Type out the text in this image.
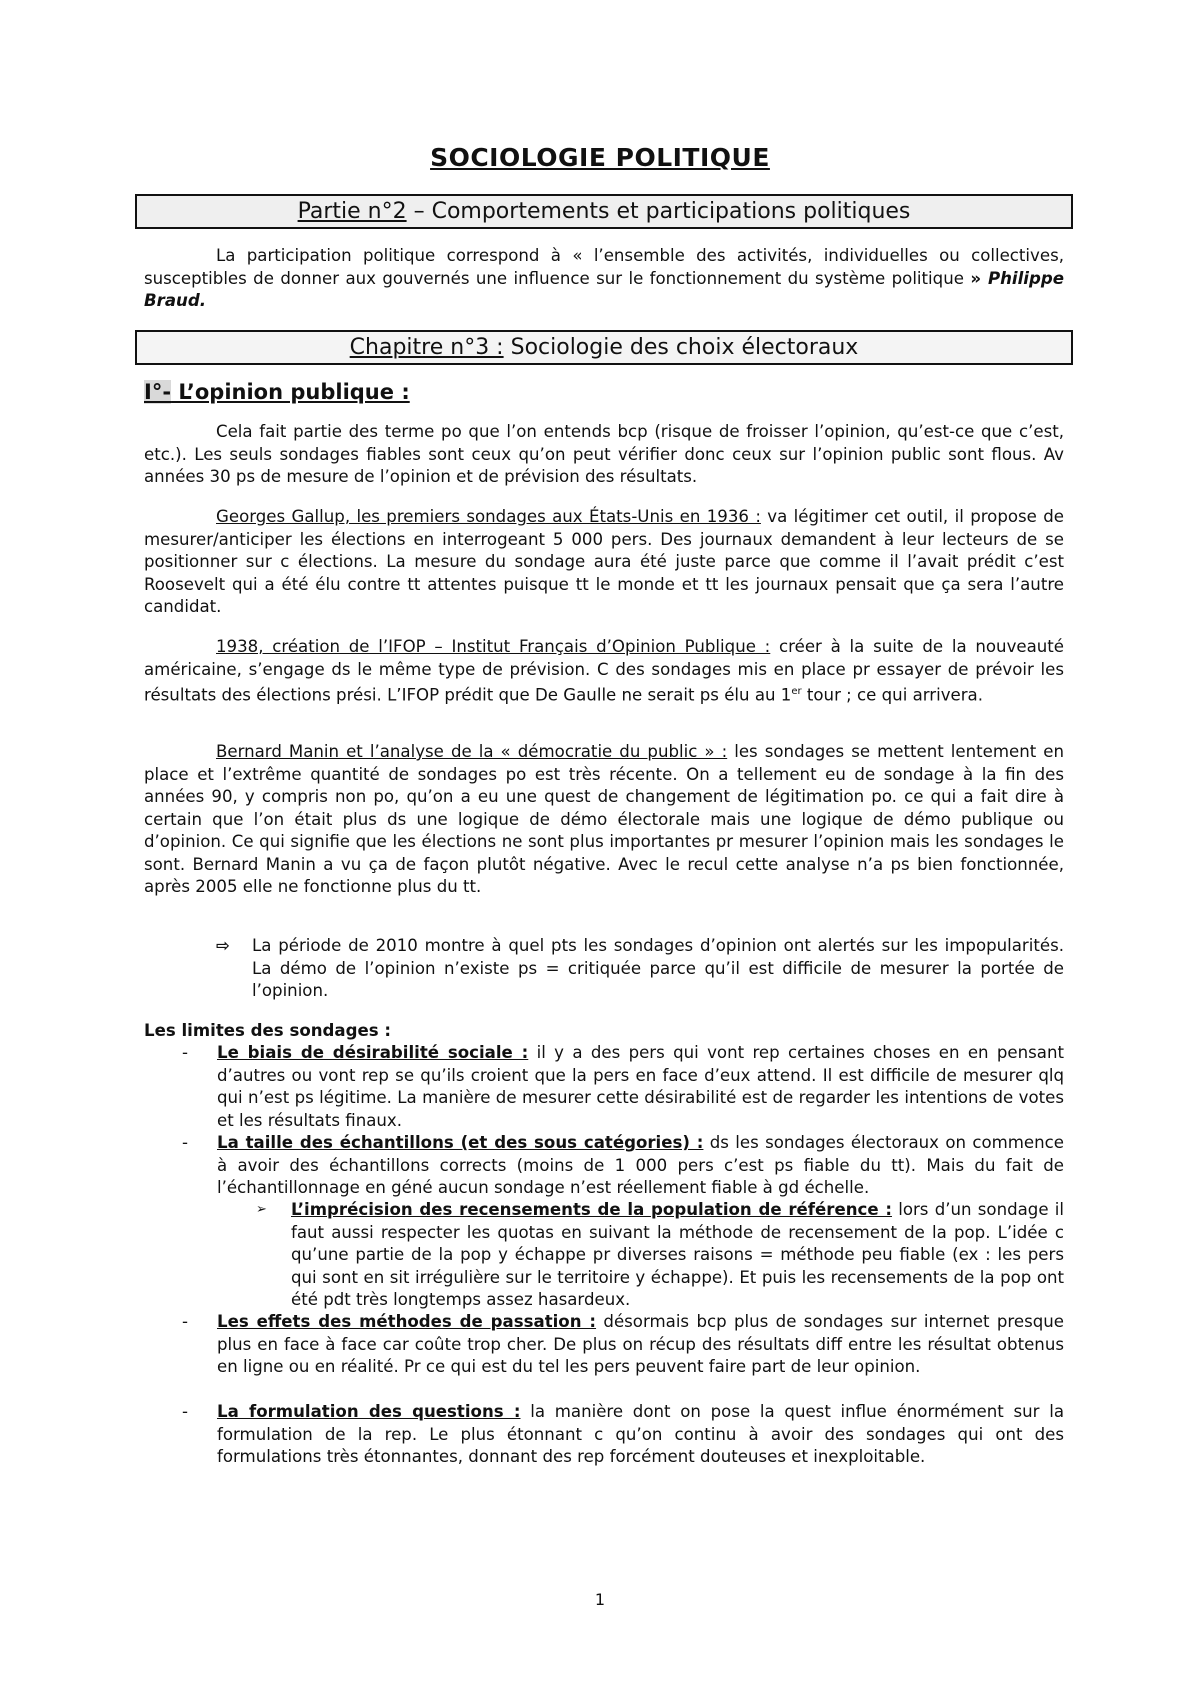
SOCIOLOGIE POLITIQUE
Partie n°2 – Comportements et participations politiques
La participation politique correspond à « l’ensemble des activités, individuelles ou collectives, susceptibles de donner aux gouvernés une influence sur le fonctionnement du système politique » Philippe Braud.
Chapitre n°3 : Sociologie des choix électoraux
I°- L’opinion publique :
Cela fait partie des terme po que l’on entends bcp (risque de froisser l’opinion, qu’est-ce que c’est, etc.). Les seuls sondages fiables sont ceux qu’on peut vérifier donc ceux sur l’opinion public sont flous. Av années 30 ps de mesure de l’opinion et de prévision des résultats.
Georges Gallup, les premiers sondages aux États-Unis en 1936 : va légitimer cet outil, il propose de mesurer/anticiper les élections en interrogeant 5 000 pers. Des journaux demandent à leur lecteurs de se positionner sur c élections. La mesure du sondage aura été juste parce que comme il l’avait prédit c’est Roosevelt qui a été élu contre tt attentes puisque tt le monde et tt les journaux pensait que ça sera l’autre candidat.
1938, création de l’IFOP – Institut Français d’Opinion Publique : créer à la suite de la nouveauté américaine, s’engage ds le même type de prévision. C des sondages mis en place pr essayer de prévoir les résultats des élections prési. L’IFOP prédit que De Gaulle ne serait ps élu au 1er tour ; ce qui arrivera.
Bernard Manin et l’analyse de la « démocratie du public » : les sondages se mettent lentement en place et l’extrême quantité de sondages po est très récente. On a tellement eu de sondage à la fin des années 90, y compris non po, qu’on a eu une quest de changement de légitimation po. ce qui a fait dire à certain que l’on était plus ds une logique de démo électorale mais une logique de démo publique ou d’opinion. Ce qui signifie que les élections ne sont plus importantes pr mesurer l’opinion mais les sondages le sont. Bernard Manin a vu ça de façon plutôt négative. Avec le recul cette analyse n’a ps bien fonctionnée, après 2005 elle ne fonctionne plus du tt.
⇨ La période de 2010 montre à quel pts les sondages d’opinion ont alertés sur les impopularités. La démo de l’opinion n’existe ps = critiquée parce qu’il est difficile de mesurer la portée de l’opinion.
Les limites des sondages :
- Le biais de désirabilité sociale : il y a des pers qui vont rep certaines choses en en pensant d’autres ou vont rep se qu’ils croient que la pers en face d’eux attend. Il est difficile de mesurer qlq qui n’est ps légitime. La manière de mesurer cette désirabilité est de regarder les intentions de votes et les résultats finaux.
- La taille des échantillons (et des sous catégories) : ds les sondages électoraux on commence à avoir des échantillons corrects (moins de 1 000 pers c’est ps fiable du tt). Mais du fait de l’échantillonnage en géné aucun sondage n’est réellement fiable à gd échelle.
➢ L’imprécision des recensements de la population de référence : lors d’un sondage il faut aussi respecter les quotas en suivant la méthode de recensement de la pop. L’idée c qu’une partie de la pop y échappe pr diverses raisons = méthode peu fiable (ex : les pers qui sont en sit irrégulière sur le territoire y échappe). Et puis les recensements de la pop ont été pdt très longtemps assez hasardeux.
- Les effets des méthodes de passation : désormais bcp plus de sondages sur internet presque plus en face à face car coûte trop cher. De plus on récup des résultats diff entre les résultat obtenus en ligne ou en réalité. Pr ce qui est du tel les pers peuvent faire part de leur opinion.
- La formulation des questions : la manière dont on pose la quest influe énormément sur la formulation de la rep. Le plus étonnant c qu’on continu à avoir des sondages qui ont des formulations très étonnantes, donnant des rep forcément douteuses et inexploitable.
1
